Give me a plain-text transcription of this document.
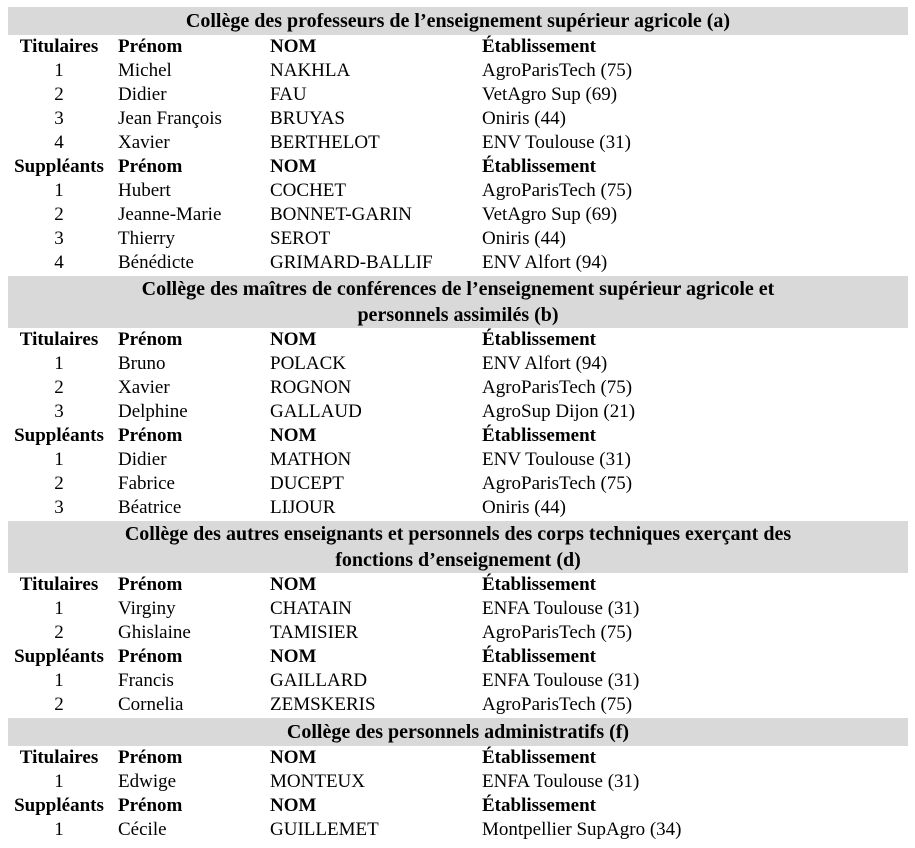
Collège des professeurs de l’enseignement supérieur agricole (a)
Titulaires	Prénom	NOM	Établissement
1	Michel	NAKHLA	AgroParisTech (75)
2	Didier	FAU	VetAgro Sup (69)
3	Jean François	BRUYAS	Oniris (44)
4	Xavier	BERTHELOT	ENV Toulouse (31)
Suppléants Prénom	NOM	Établissement
1	Hubert	COCHET	AgroParisTech (75)
2	Jeanne-Marie	BONNET-GARIN	VetAgro Sup (69)
3	Thierry	SEROT	Oniris (44)
4	Bénédicte	GRIMARD-BALLIF	ENV Alfort (94)
Collège des maîtres de conférences de l’enseignement supérieur agricole et
personnels assimilés (b)
Titulaires	Prénom	NOM	Établissement
1	Bruno	POLACK	ENV Alfort (94)
2	Xavier	ROGNON	AgroParisTech (75)
3	Delphine	GALLAUD	AgroSup Dijon (21)
Suppléants Prénom	NOM	Établissement
1	Didier	MATHON	ENV Toulouse (31)
2	Fabrice	DUCEPT	AgroParisTech (75)
3	Béatrice	LIJOUR	Oniris (44)
Collège des autres enseignants et personnels des corps techniques exerçant des
fonctions d’enseignement (d)
Titulaires	Prénom	NOM	Établissement
1	Virginy	CHATAIN	ENFA Toulouse (31)
2	Ghislaine	TAMISIER	AgroParisTech (75)
Suppléants Prénom	NOM	Établissement
1	Francis	GAILLARD	ENFA Toulouse (31)
2	Cornelia	ZEMSKERIS	AgroParisTech (75)
Collège des personnels administratifs (f)
Titulaires	Prénom	NOM	Établissement
1	Edwige	MONTEUX	ENFA Toulouse (31)
Suppléants Prénom	NOM	Établissement
1	Cécile	GUILLEMET	Montpellier SupAgro (34)
